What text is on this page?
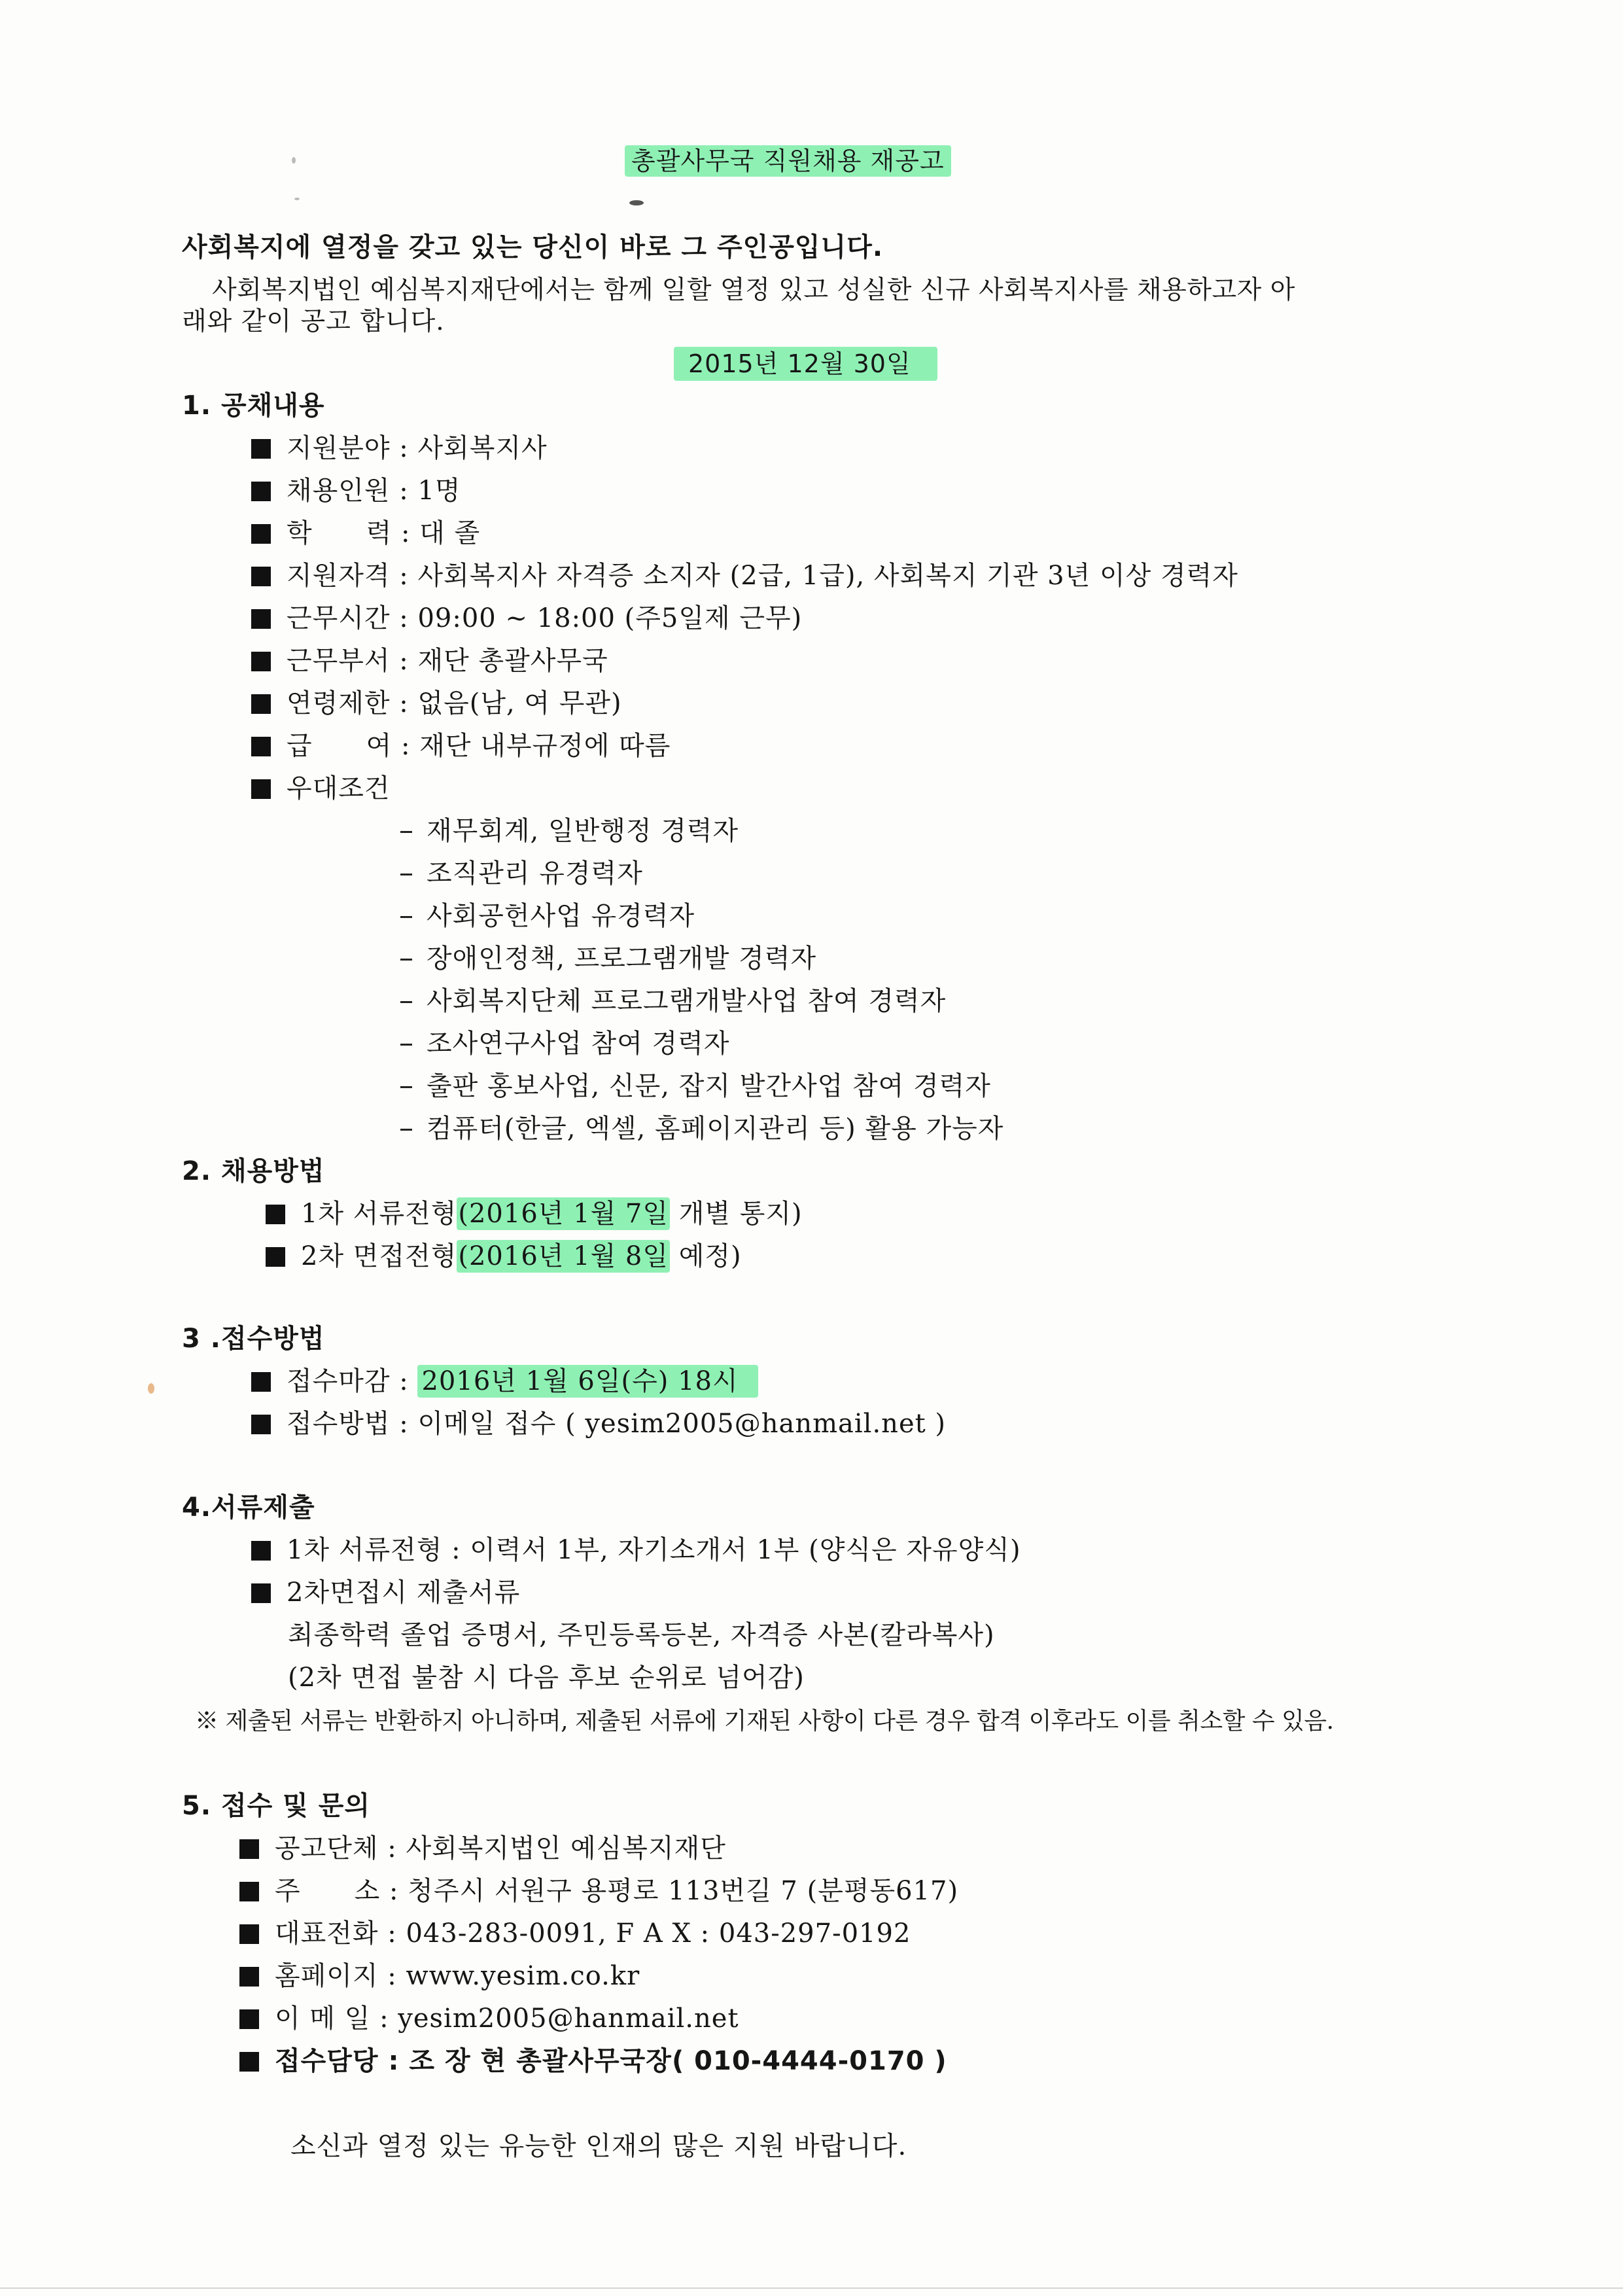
총괄사무국 직원채용 재공고
사회복지에 열정을 갖고 있는 당신이 바로 그 주인공입니다.
사회복지법인 예심복지재단에서는 함께 일할 열정 있고 성실한 신규 사회복지사를 채용하고자 아
래와 같이 공고 합니다.
2015년 12월 30일
1. 공채내용
지원분야 : 사회복지사
채용인원 : 1명
학　　력 : 대 졸
지원자격 : 사회복지사 자격증 소지자 (2급, 1급), 사회복지 기관 3년 이상 경력자
근무시간 : 09:00 ~ 18:00 (주5일제 근무)
근무부서 : 재단 총괄사무국
연령제한 : 없음(남, 여 무관)
급　　여 : 재단 내부규정에 따름
우대조건
재무회계, 일반행정 경력자
조직관리 유경력자
사회공헌사업 유경력자
장애인정책, 프로그램개발 경력자
사회복지단체 프로그램개발사업 참여 경력자
조사연구사업 참여 경력자
출판 홍보사업, 신문, 잡지 발간사업 참여 경력자
컴퓨터(한글, 엑셀, 홈페이지관리 등) 활용 가능자
2. 채용방법
1차 서류전형(2016년 1월 7일 개별 통지)
2차 면접전형(2016년 1월 8일 예정)
3 .접수방법
접수마감 : 2016년 1월 6일(수) 18시
접수방법 : 이메일 접수 ( yesim2005@hanmail.net )
4.서류제출
1차 서류전형 : 이력서 1부, 자기소개서 1부 (양식은 자유양식)
2차면접시 제출서류
최종학력 졸업 증명서, 주민등록등본, 자격증 사본(칼라복사)
(2차 면접 불참 시 다음 후보 순위로 넘어감)
※ 제출된 서류는 반환하지 아니하며, 제출된 서류에 기재된 사항이 다른 경우 합격 이후라도 이를 취소할 수 있음.
5. 접수 및 문의
공고단체 : 사회복지법인 예심복지재단
주　　소 : 청주시 서원구 용평로 113번길 7 (분평동617)
대표전화 : 043-283-0091, F A X : 043-297-0192
홈페이지 : www.yesim.co.kr
이 메 일 : yesim2005@hanmail.net
접수담당 : 조 장 현 총괄사무국장( 010-4444-0170 )
소신과 열정 있는 유능한 인재의 많은 지원 바랍니다.
